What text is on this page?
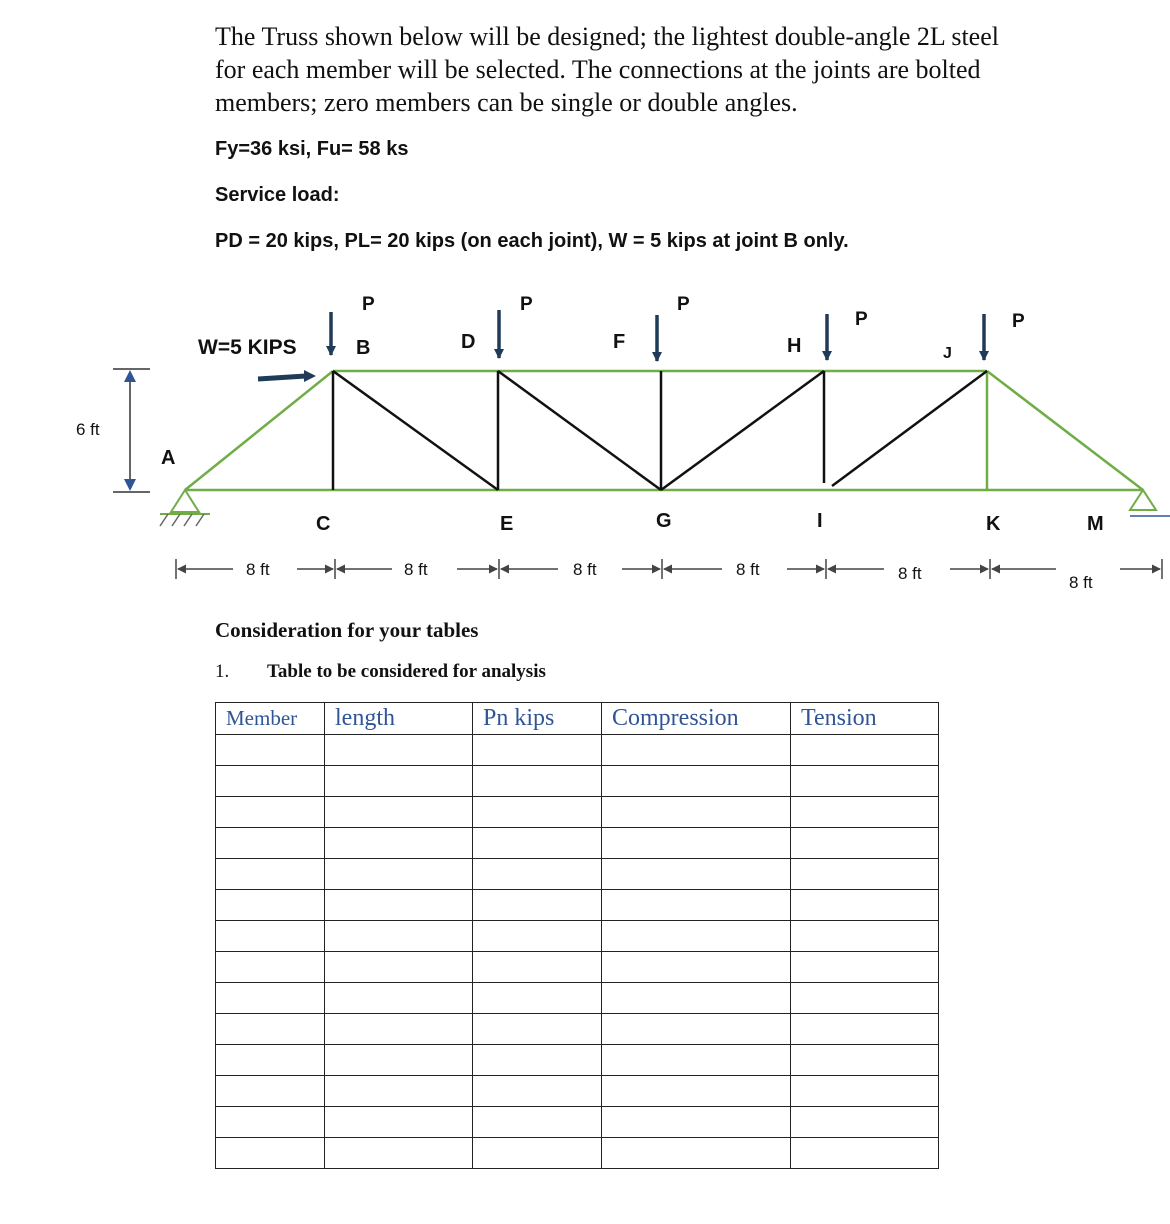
The Truss shown below will be designed; the lightest double-angle 2L steel for each member will be selected. The connections at the joints are bolted members; zero members can be single or double angles.

Fy=36 ksi, Fu= 58 ks

Service load:

PD = 20 kips, PL= 20 kips (on each joint), W = 5 kips at joint B only.

6 ft
W=5 KIPS
P	P	P
P	P
A
B
C
D
E
F
G
H
I
J
K	M
8 ft	8 ft	8 ft	8 ft	8 ft	8 ft

Consideration for your tables

1. Table to be considered for analysis

Member	length	Pn kips	Compression	Tension
